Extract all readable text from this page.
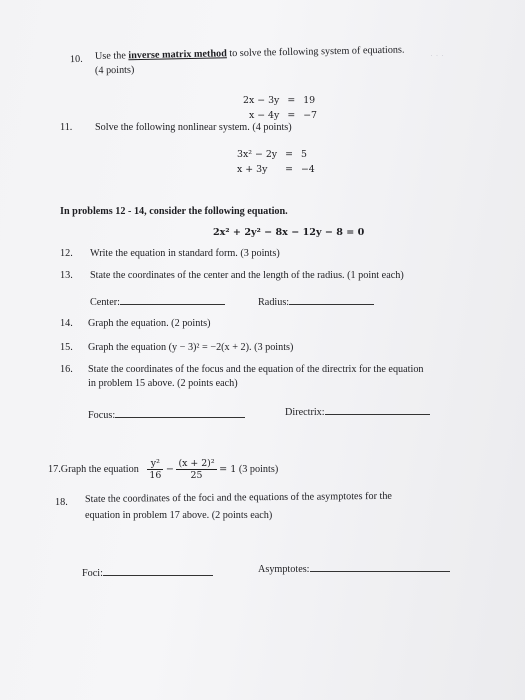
· · ·
10. Use the inverse matrix method to solve the following system of equations.
(4 points)
2x − 3y	=	19
x − 4y	=	−7
11. Solve the following nonlinear system. (4 points)
3x² − 2y	=	5
x + 3y	=	−4
In problems 12 - 14, consider the following equation.
2x² + 2y² − 8x − 12y − 8 = 0
12. Write the equation in standard form. (3 points)
13. State the coordinates of the center and the length of the radius. (1 point each)
Center:	Radius:
14. Graph the equation. (2 points)
15. Graph the equation (y − 3)² = −2(x + 2). (3 points)
16. State the coordinates of the focus and the equation of the directrix for the equation
in problem 15 above. (2 points each)
Focus:	Directrix:
17.Graph the equation $\frac{\text{y²}}{16} - \frac{\text{(x + 2)²}}{25} = 1$ (3 points)
18. State the coordinates of the foci and the equations of the asymptotes for the
equation in problem 17 above. (2 points each)
Foci:	Asymptotes:
